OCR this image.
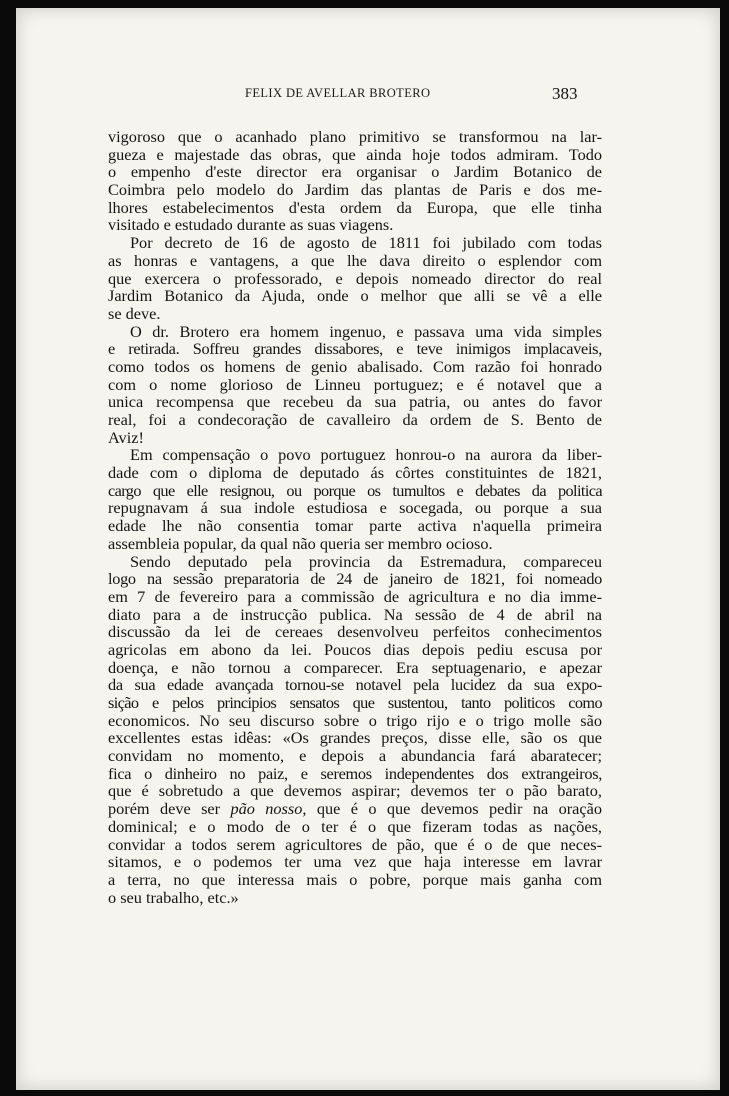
FELIX DE AVELLAR BROTERO	383
vigoroso que o acanhado plano primitivo se transformou na lar-
gueza e majestade das obras, que ainda hoje todos admiram. Todo
o empenho d'este director era organisar o Jardim Botanico de
Coimbra pelo modelo do Jardim das plantas de Paris e dos me-
lhores estabelecimentos d'esta ordem da Europa, que elle tinha
visitado e estudado durante as suas viagens.
Por decreto de 16 de agosto de 1811 foi jubilado com todas
as honras e vantagens, a que lhe dava direito o esplendor com
que exercera o professorado, e depois nomeado director do real
Jardim Botanico da Ajuda, onde o melhor que alli se vê a elle
se deve.
O dr. Brotero era homem ingenuo, e passava uma vida simples
e retirada. Soffreu grandes dissabores, e teve inimigos implacaveis,
como todos os homens de genio abalisado. Com razão foi honrado
com o nome glorioso de Linneu portuguez; e é notavel que a
unica recompensa que recebeu da sua patria, ou antes do favor
real, foi a condecoração de cavalleiro da ordem de S. Bento de
Aviz!
Em compensação o povo portuguez honrou-o na aurora da liber-
dade com o diploma de deputado ás côrtes constituintes de 1821,
cargo que elle resignou, ou porque os tumultos e debates da politica
repugnavam á sua indole estudiosa e socegada, ou porque a sua
edade lhe não consentia tomar parte activa n'aquella primeira
assembleia popular, da qual não queria ser membro ocioso.
Sendo deputado pela provincia da Estremadura, compareceu
logo na sessão preparatoria de 24 de janeiro de 1821, foi nomeado
em 7 de fevereiro para a commissão de agricultura e no dia imme-
diato para a de instrucção publica. Na sessão de 4 de abril na
discussão da lei de cereaes desenvolveu perfeitos conhecimentos
agricolas em abono da lei. Poucos dias depois pediu escusa por
doença, e não tornou a comparecer. Era septuagenario, e apezar
da sua edade avançada tornou-se notavel pela lucidez da sua expo-
sição e pelos principios sensatos que sustentou, tanto politicos como
economicos. No seu discurso sobre o trigo rijo e o trigo molle são
excellentes estas idêas: «Os grandes preços, disse elle, são os que
convidam no momento, e depois a abundancia fará abaratecer;
fica o dinheiro no paiz, e seremos independentes dos extrangeiros,
que é sobretudo a que devemos aspirar; devemos ter o pão barato,
porém deve ser pão nosso, que é o que devemos pedir na oração
dominical; e o modo de o ter é o que fizeram todas as nações,
convidar a todos serem agricultores de pão, que é o de que neces-
sitamos, e o podemos ter uma vez que haja interesse em lavrar
a terra, no que interessa mais o pobre, porque mais ganha com
o seu trabalho, etc.»
